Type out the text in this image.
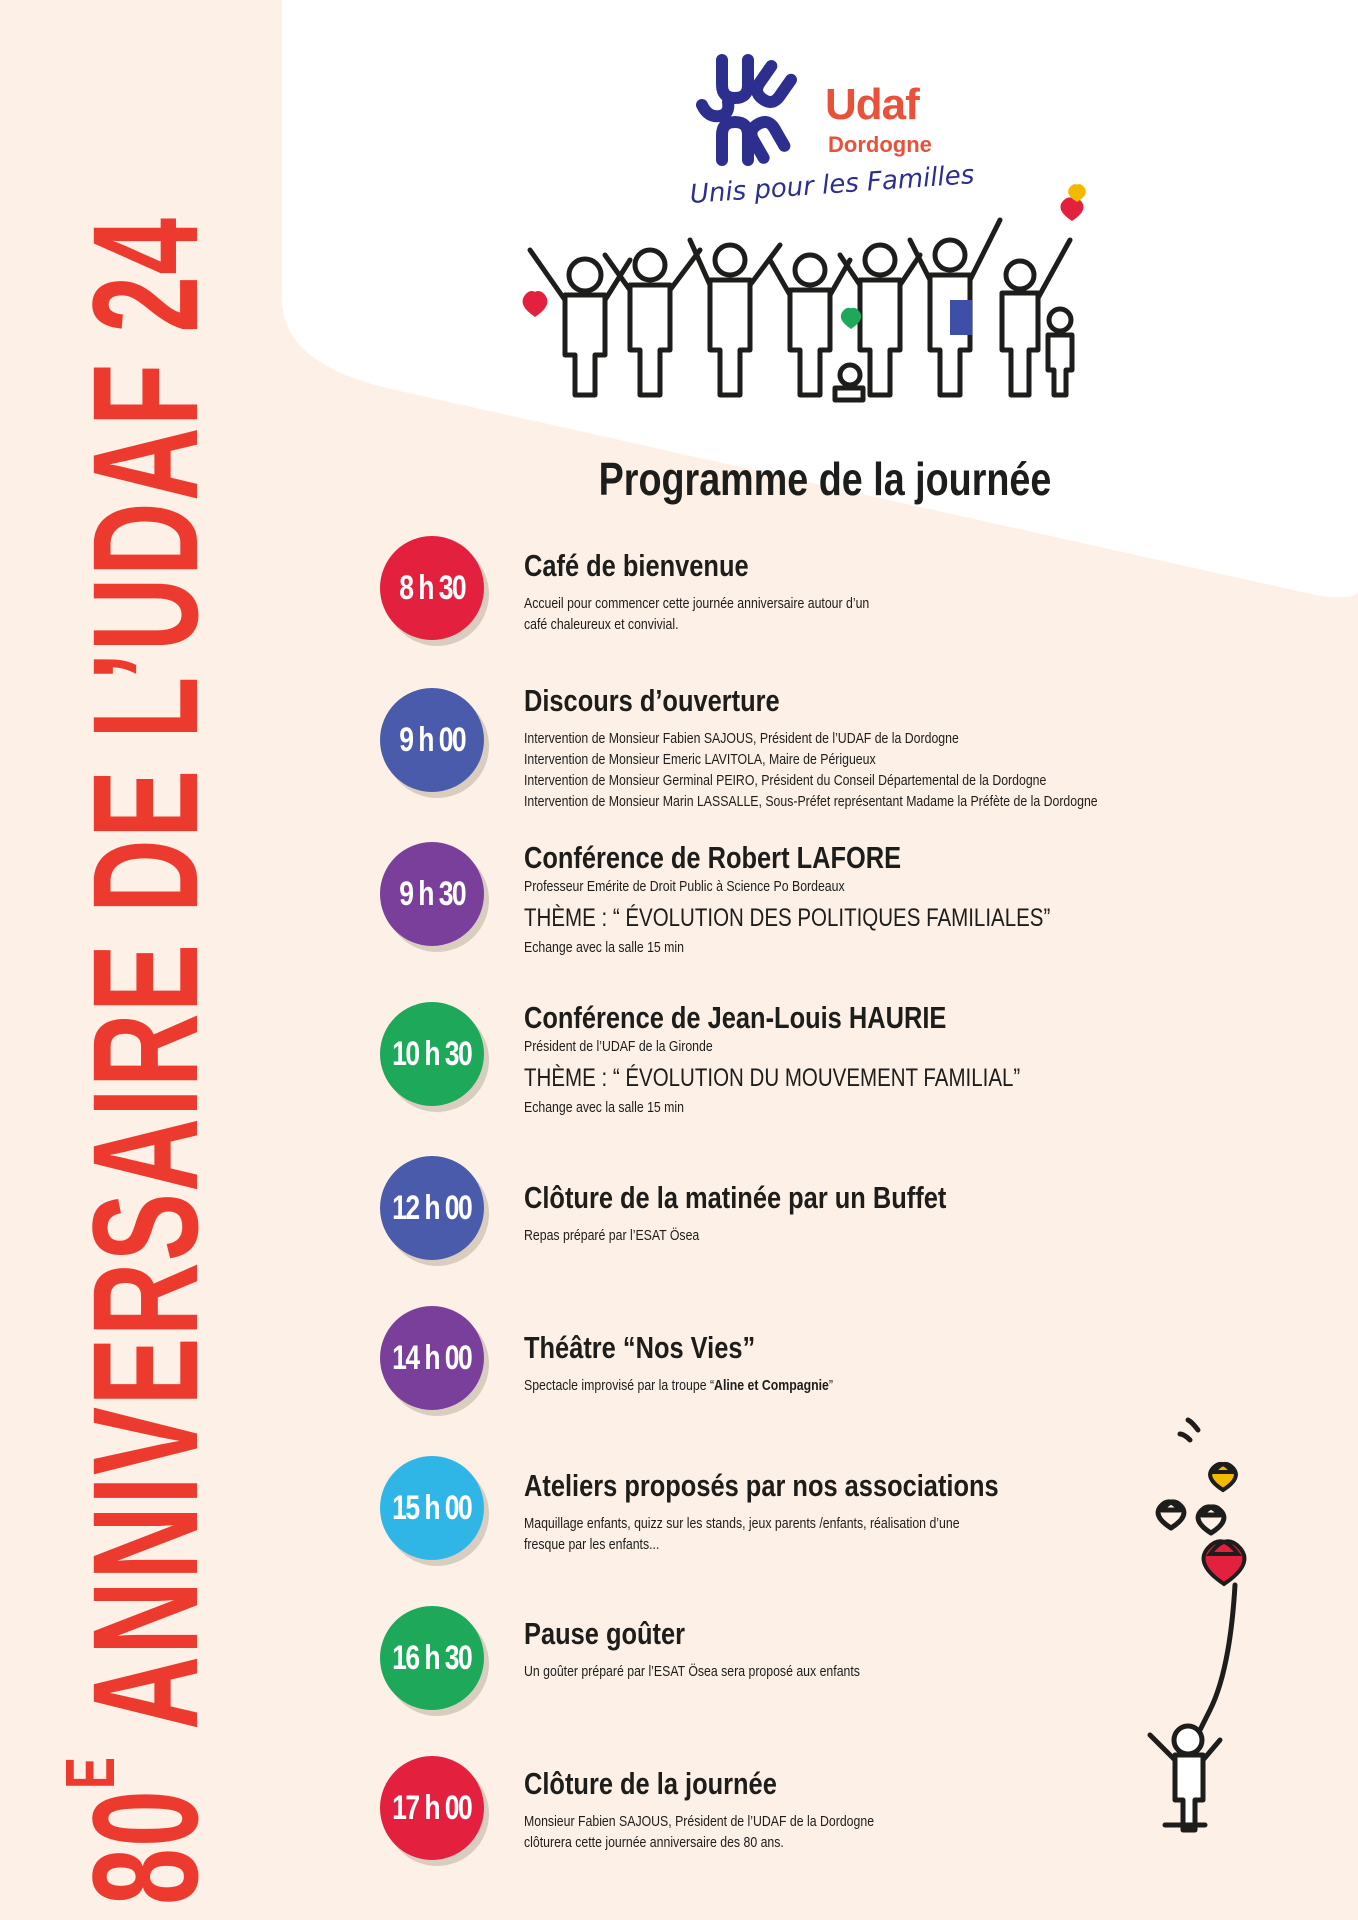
$80^E$ ANNIVERSAIRE DE L’UDAF 24
Udaf
Dordogne
Unis pour les Familles
Programme de la journée
8 h 30
Café de bienvenue
Accueil pour commencer cette journée anniversaire autour d’un
café chaleureux et convivial.
9 h 00
Discours d’ouverture
Intervention de Monsieur Fabien SAJOUS, Président de l’UDAF de la Dordogne
Intervention de Monsieur Emeric LAVITOLA, Maire de Périgueux
Intervention de Monsieur Germinal PEIRO, Président du Conseil Départemental de la Dordogne
Intervention de Monsieur Marin LASSALLE, Sous-Préfet représentant Madame la Préfète de la Dordogne
9 h 30
Conférence de Robert LAFORE
Professeur Emérite de Droit Public à Science Po Bordeaux
THÈME : “ ÉVOLUTION DES POLITIQUES FAMILIALES”
Echange avec la salle 15 min
10 h 30
Conférence de Jean-Louis HAURIE
Président de l’UDAF de la Gironde
THÈME : “ ÉVOLUTION DU MOUVEMENT FAMILIAL”
Echange avec la salle 15 min
12 h 00 Clôture de la matinée par un Buffet
Repas préparé par l’ESAT Ösea
14 h 00 Théâtre “Nos Vies”
Spectacle improvisé par la troupe “Aline et Compagnie”
15 h 00
Ateliers proposés par nos associations
Maquillage enfants, quizz sur les stands, jeux parents /enfants, réalisation d’une
fresque par les enfants...
16 h 30
Pause goûter
Un goûter préparé par l’ESAT Ösea sera proposé aux enfants
17 h 00
Clôture de la journée
Monsieur Fabien SAJOUS, Président de l’UDAF de la Dordogne
clôturera cette journée anniversaire des 80 ans.
